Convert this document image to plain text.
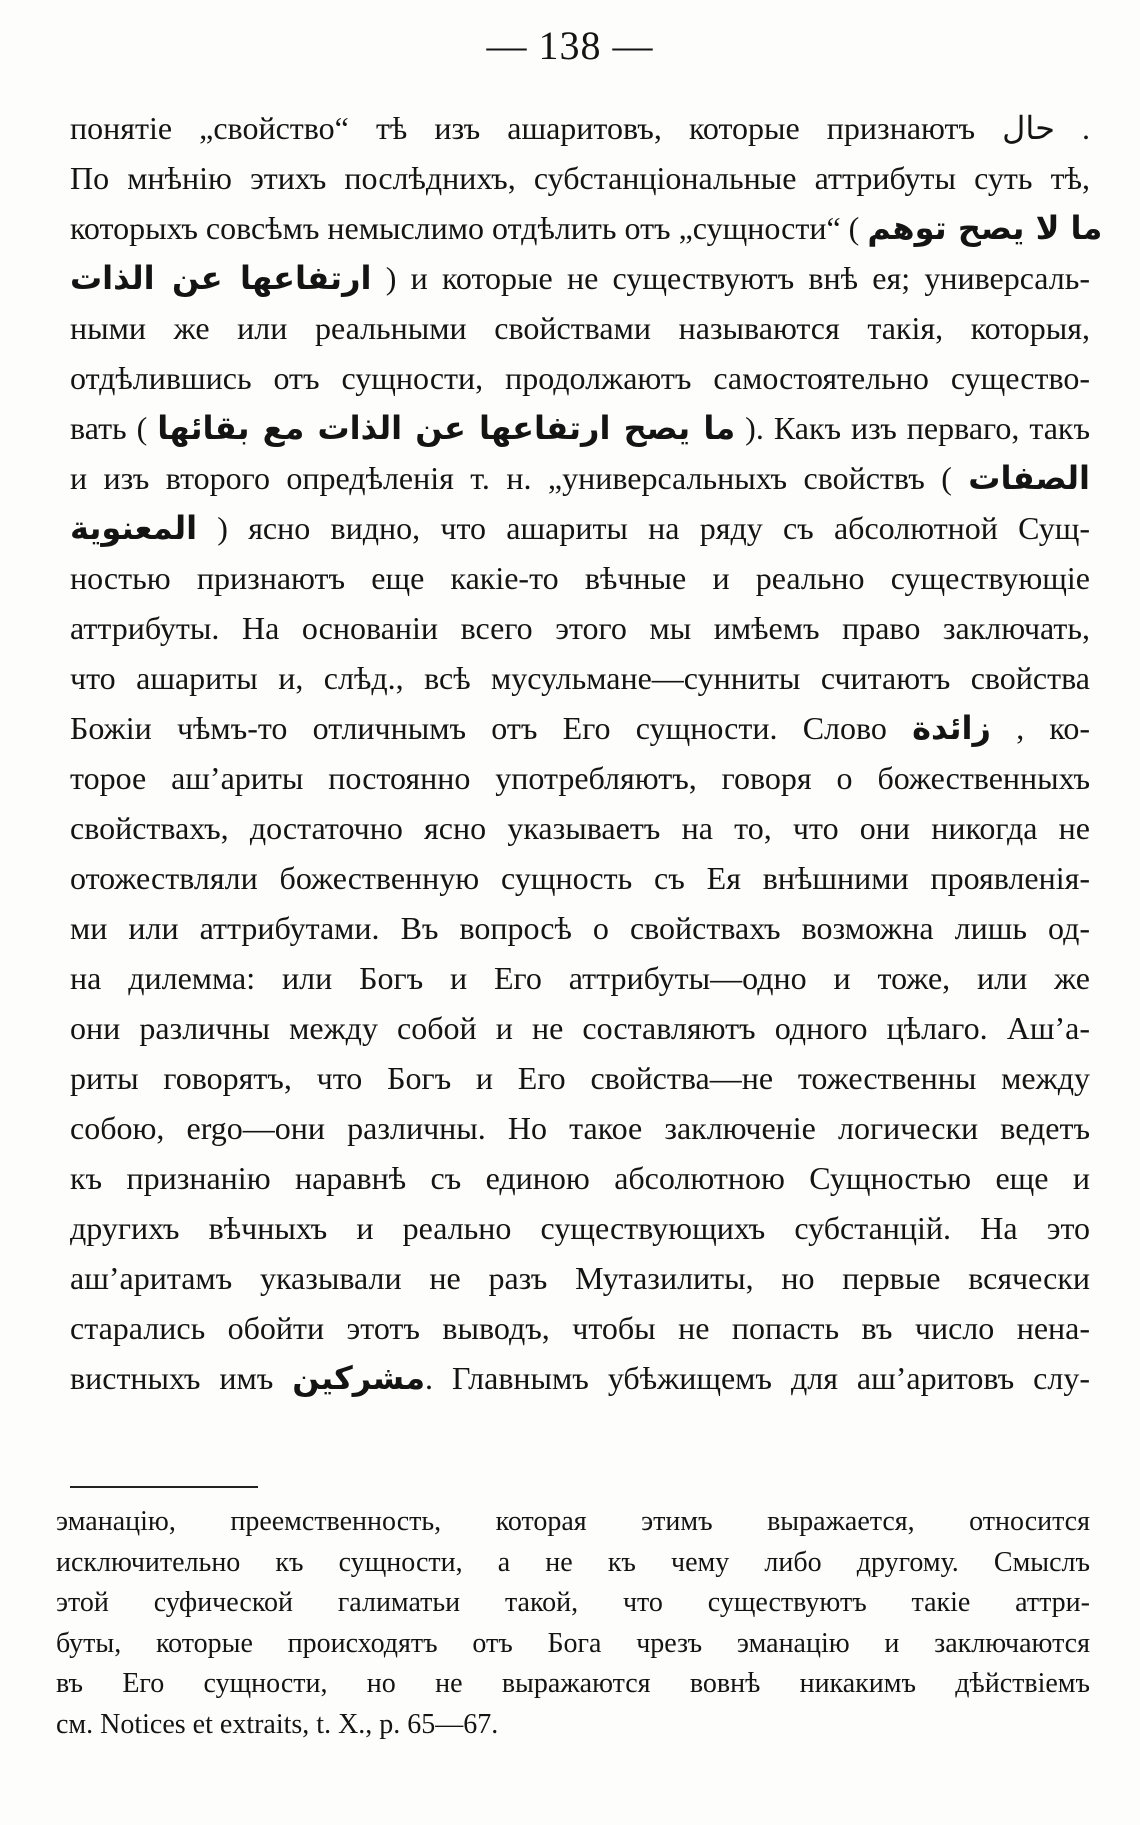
— 138 —
понятіе „свойство“ тѣ изъ ашаритовъ, которые признаютъ ‫حال‬ .
По мнѣнію этихъ послѣднихъ, субстанціональные аттрибуты суть тѣ,
которыхъ совсѣмъ немыслимо отдѣлить отъ „сущности“ ( ما لا يصح توهم
ارتفاعها عن الذات ) и которые не существуютъ внѣ ея; универсаль-
ными же или реальными свойствами называются такія, которыя,
отдѣлившись отъ сущности, продолжаютъ самостоятельно существо-
вать ( ما يصح ارتفاعها عن الذات مع بقائها ). Какъ изъ перваго, такъ
и изъ второго опредѣленія т. н. „универсальныхъ свойствъ ( الصفات
المعنوية ) ясно видно, что ашариты на ряду съ абсолютной Сущ-
ностью признаютъ еще какіе-то вѣчные и реально существующіе
аттрибуты. На основаніи всего этого мы имѣемъ право заключать,
что ашариты и, слѣд., всѣ мусульмане—сунниты считаютъ свойства
Божіи чѣмъ-то отличнымъ отъ Его сущности. Слово زائدة , ко-
торое аш’ариты постоянно употребляютъ, говоря о божественныхъ
свойствахъ, достаточно ясно указываетъ на то, что они никогда не
отожествляли божественную сущность съ Ея внѣшними проявленія-
ми или аттрибутами. Въ вопросѣ о свойствахъ возможна лишь од-
на дилемма: или Богъ и Его аттрибуты—одно и тоже, или же
они различны между собой и не составляютъ одного цѣлаго. Аш’а-
риты говорятъ, что Богъ и Его свойства—не тожественны между
собою, ergo—они различны. Но такое заключеніе логически ведетъ
къ признанію наравнѣ съ единою абсолютною Сущностью еще и
другихъ вѣчныхъ и реально существующихъ субстанцій. На это
аш’аритамъ указывали не разъ Мутазилиты, но первые всячески
старались обойти этотъ выводъ, чтобы не попасть въ число нена-
вистныхъ имъ مشركين. Главнымъ убѣжищемъ для аш’аритовъ слу-
эманацію, преемственность, которая этимъ выражается, относится
исключительно къ сущности, а не къ чему либо другому. Смыслъ
этой суфической галиматьи такой, что существуютъ такіе аттри-
буты, которые происходятъ отъ Бога чрезъ эманацію и заключаются
въ Его сущности, но не выражаются вовнѣ никакимъ дѣйствіемъ
см. Notices et extraits, t. X., p. 65—67.
